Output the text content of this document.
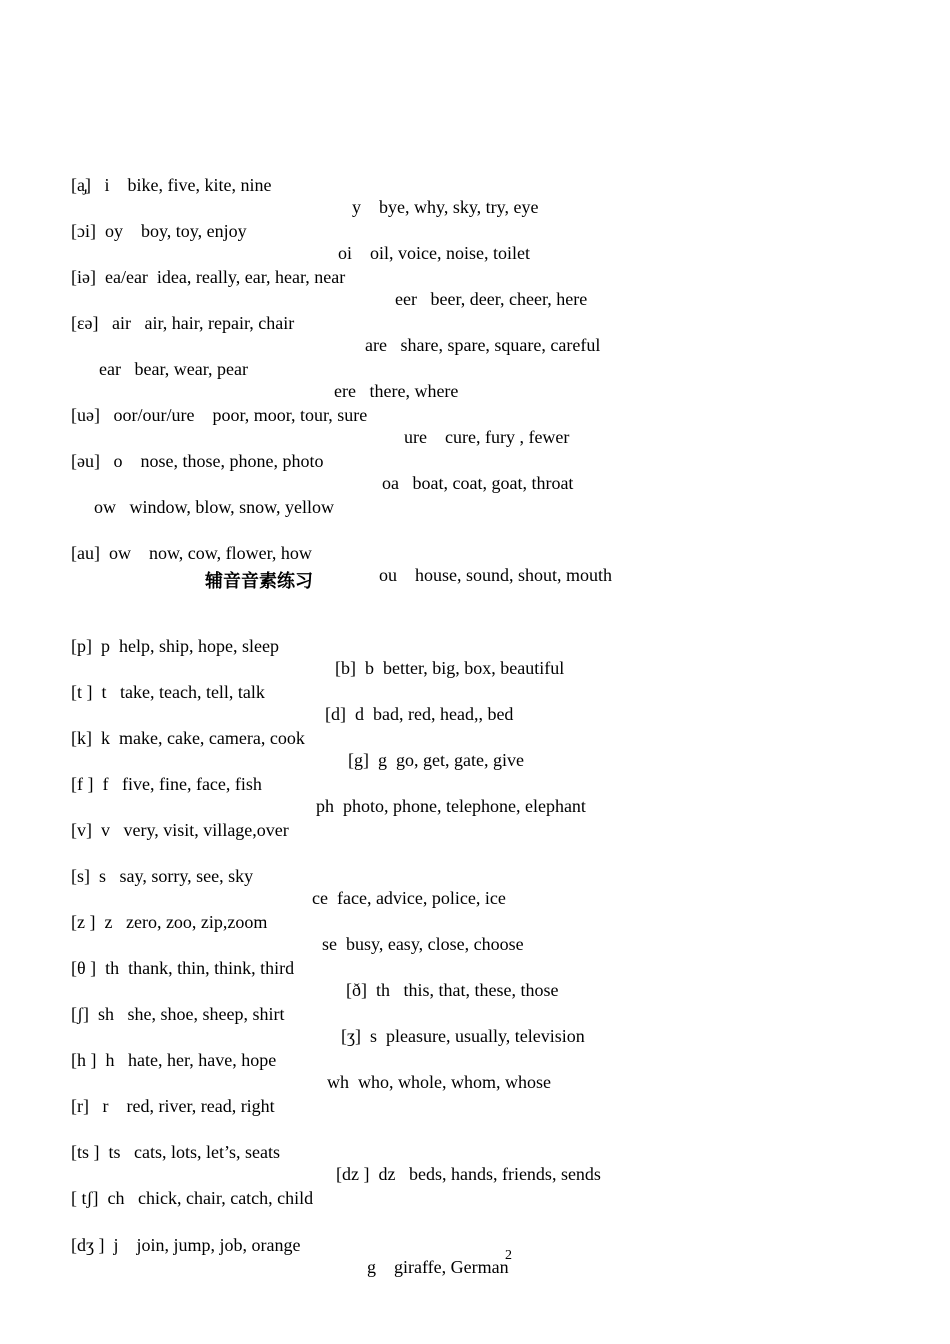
[a̡]   i    bike, five, kite, nine

y    bye, why, sky, try, eye

[ɔi]  oy    boy, toy, enjoy

oi    oil, voice, noise, toilet

[iə]  ea/ear  idea, really, ear, hear, near

eer   beer, deer, cheer, here

[ɛə]   air   air, hair, repair, chair

are   share, spare, square, careful

ear   bear, wear, pear

ere   there, where

[uə]   oor/our/ure    poor, moor, tour, sure

ure    cure, fury , fewer

[əu]   o    nose, those, phone, photo

oa   boat, coat, goat, throat

ow   window, blow, snow, yellow

[au]  ow    now, cow, flower, how

ou    house, sound, shout, mouth

辅音音素练习

[p]  p  help, ship, hope, sleep

[b]  b  better, big, box, beautiful

[t ]  t   take, teach, tell, talk

[d]  d  bad, red, head,, bed

[k]  k  make, cake, camera, cook

[g]  g  go, get, gate, give

[f ]  f   five, fine, face, fish

ph  photo, phone, telephone, elephant

[v]  v   very, visit, village,over

[s]  s   say, sorry, see, sky

ce  face, advice, police, ice

[z ]  z   zero, zoo, zip,zoom

se  busy, easy, close, choose

[θ ]  th  thank, thin, think, third

[ð]  th   this, that, these, those

[ʃ]  sh   she, shoe, sheep, shirt

[ʒ]  s  pleasure, usually, television

[h ]  h   hate, her, have, hope

wh  who, whole, whom, whose

[r]   r    red, river, read, right

[ts ]  ts   cats, lots, let’s, seats

[dz ]  dz   beds, hands, friends, sends

[ tʃ]  ch   chick, chair, catch, child

[dʒ ]  j    join, jump, job, orange

g    giraffe, German

2
